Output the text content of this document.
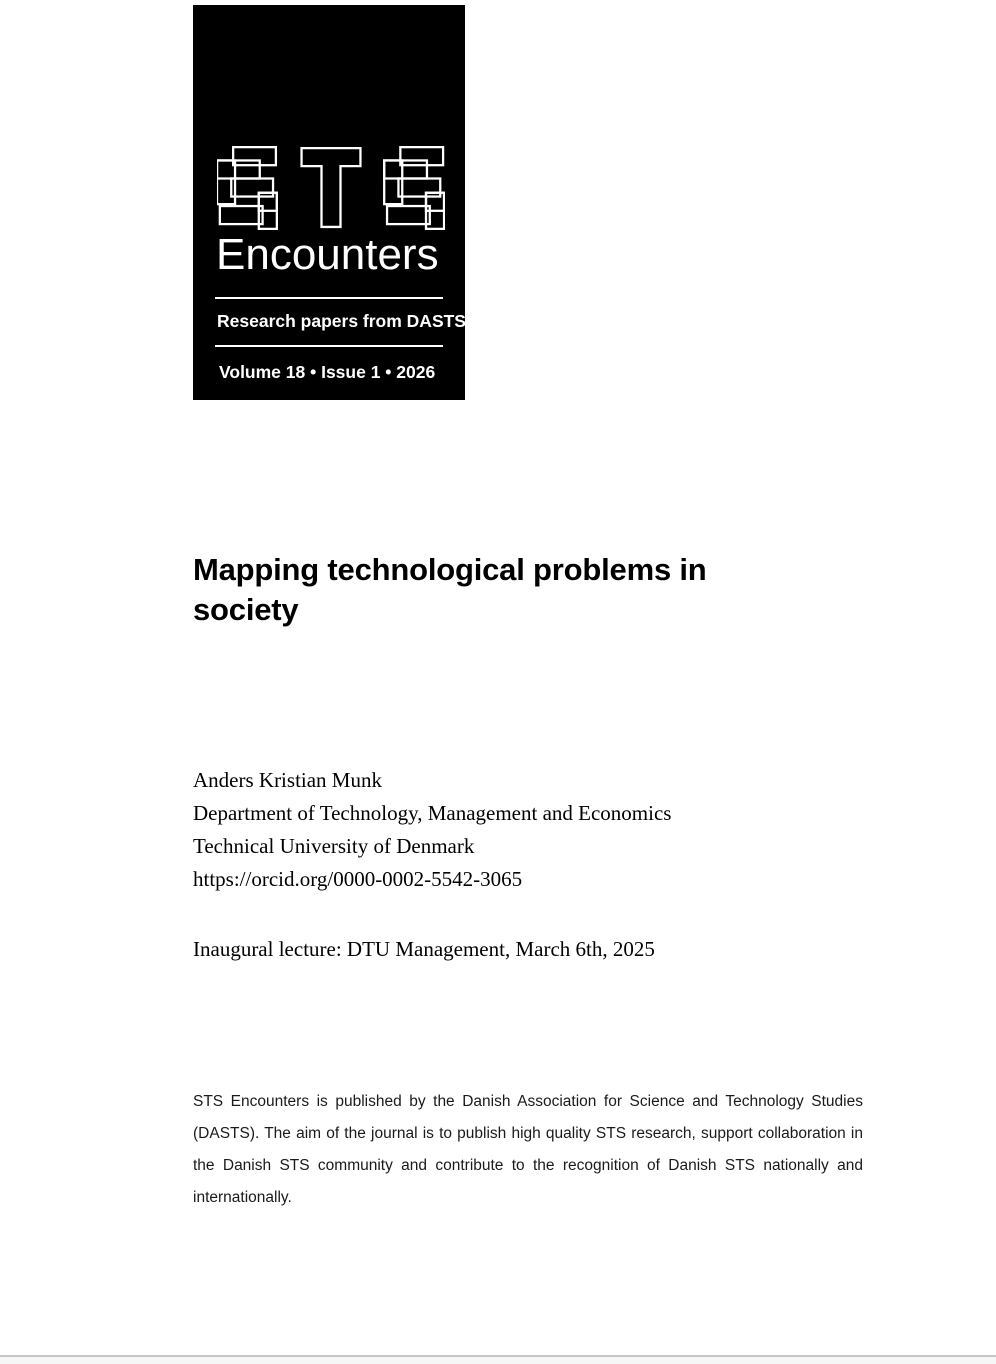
Encounters
Research papers from DASTS
Volume 18 • Issue 1 • 2026
Mapping technological problems in
society
Anders Kristian Munk
Department of Technology, Management and Economics
Technical University of Denmark
https://orcid.org/0000-0002-5542-3065
Inaugural lecture: DTU Management, March 6th, 2025
STS Encounters is published by the Danish Association for Science and Technology Studies (DASTS). The aim of the journal is to publish high quality STS research, support collaboration in the Danish STS community and contribute to the recognition of Danish STS nationally and internationally.
